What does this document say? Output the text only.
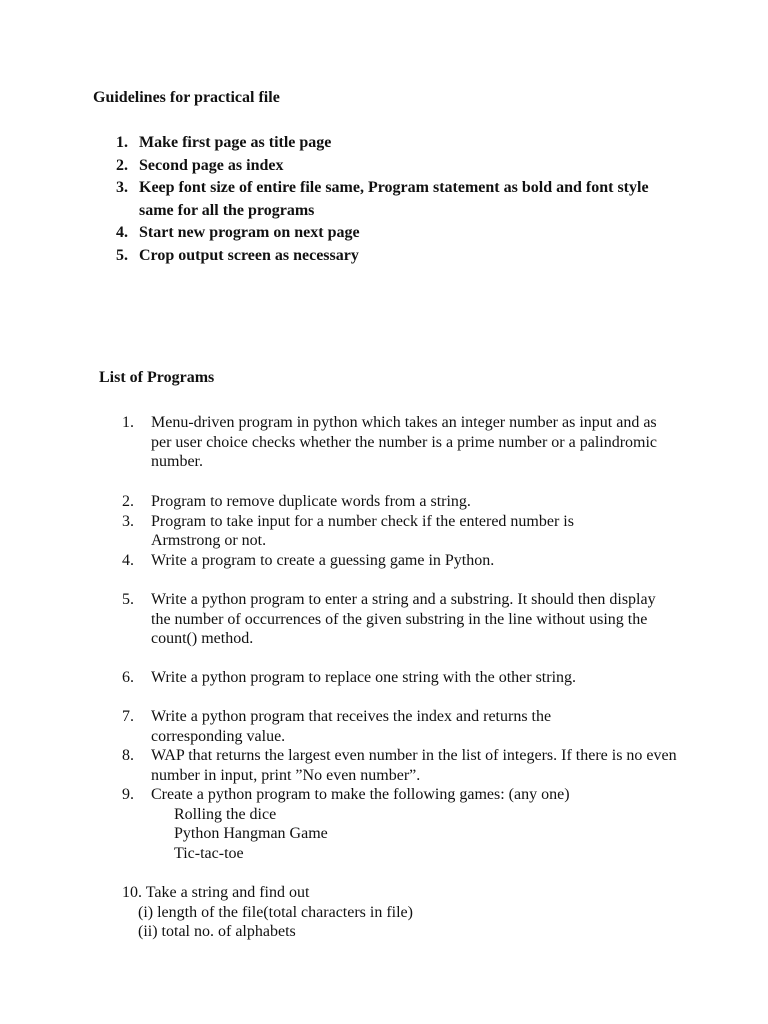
Guidelines for practical file
1. Make first page as title page
2. Second page as index
3. Keep font size of entire file same, Program statement as bold and font style same for all the programs
4. Start new program on next page
5. Crop output screen as necessary
List of Programs
1.	Menu-driven program in python which takes an integer number as input and as per user choice checks whether the number is a prime number or a palindromic number.
2.	Program to remove duplicate words from a string.
3.	Program to take input for a number check if the entered number is Armstrong or not.
4.	Write a program to create a guessing game in Python.
5.	Write a python program to enter a string and a substring. It should then display the number of occurrences of the given substring in the line without using the count() method.
6.	Write a python program to replace one string with the other string.
7.	Write a python program that receives the index and returns the corresponding value.
8.	WAP that returns the largest even number in the list of integers. If there is no even number in input, print ”No even number”.
9.	Create a python program to make the following games: (any one)
Rolling the dice
Python Hangman Game
Tic-tac-toe
10. Take a string and find out
(i) length of the file(total characters in file)
(ii) total no. of alphabets
